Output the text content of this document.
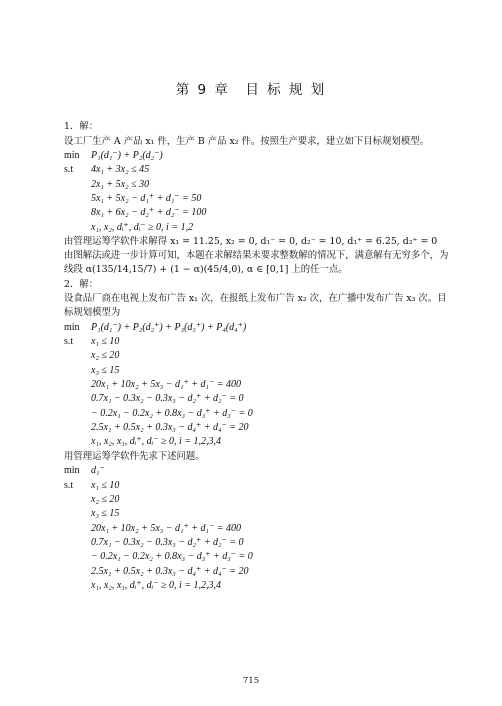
第 9 章　目 标 规 划
1．解：
设工厂生产 A 产品 x₁ 件，生产 B 产品 x₂ 件。按照生产要求，建立如下目标规划模型。
min P₁(d₁⁻) + P₂(d₂⁻)
s.t 4x₁ + 3x₂ ≤ 45
2x₁ + 5x₂ ≤ 30
5x₁ + 5x₂ − d₁⁺ + d₁⁻ = 50
8x₁ + 6x₂ − d₂⁺ + d₂⁻ = 100
x₁, x₂, dᵢ⁺, dᵢ⁻ ≥ 0, i = 1,2
由管理运筹学软件求解得 x₁ = 11.25, x₂ = 0, d₁⁻ = 0, d₂⁻ = 10, d₁⁺ = 6.25, d₂⁺ = 0
由图解法或进一步计算可知，本题在求解结果未要求整数解的情况下，满意解有无穷多个，为
线段 α(135/14,15/7) + (1 − α)(45/4,0), α ∈ [0,1] 上的任一点。
2．解：
设食品厂商在电视上发布广告 x₁ 次，在报纸上发布广告 x₂ 次，在广播中发布广告 x₃ 次。目
标规划模型为
min P₁(d₁⁻) + P₂(d₂⁺) + P₃(d₃⁺) + P₄(d₄⁺)
s.t x₁ ≤ 10
x₂ ≤ 20
x₃ ≤ 15
20x₁ + 10x₂ + 5x₃ − d₁⁺ + d₁⁻ = 400
0.7x₁ − 0.3x₂ − 0.3x₃ − d₂⁺ + d₂⁻ = 0
− 0.2x₁ − 0.2x₂ + 0.8x₃ − d₃⁺ + d₃⁻ = 0
2.5x₁ + 0.5x₂ + 0.3x₃ − d₄⁺ + d₄⁻ = 20
x₁, x₂, x₃, dᵢ⁺, dᵢ⁻ ≥ 0, i = 1,2,3,4
用管理运筹学软件先求下述问题。
min d₁⁻
s.t x₁ ≤ 10
x₂ ≤ 20
x₃ ≤ 15
20x₁ + 10x₂ + 5x₃ − d₁⁺ + d₁⁻ = 400
0.7x₁ − 0.3x₂ − 0.3x₃ − d₂⁺ + d₂⁻ = 0
− 0.2x₁ − 0.2x₂ + 0.8x₃ − d₃⁺ + d₃⁻ = 0
2.5x₁ + 0.5x₂ + 0.3x₃ − d₄⁺ + d₄⁻ = 20
x₁, x₂, x₃, dᵢ⁺, dᵢ⁻ ≥ 0, i = 1,2,3,4
715
